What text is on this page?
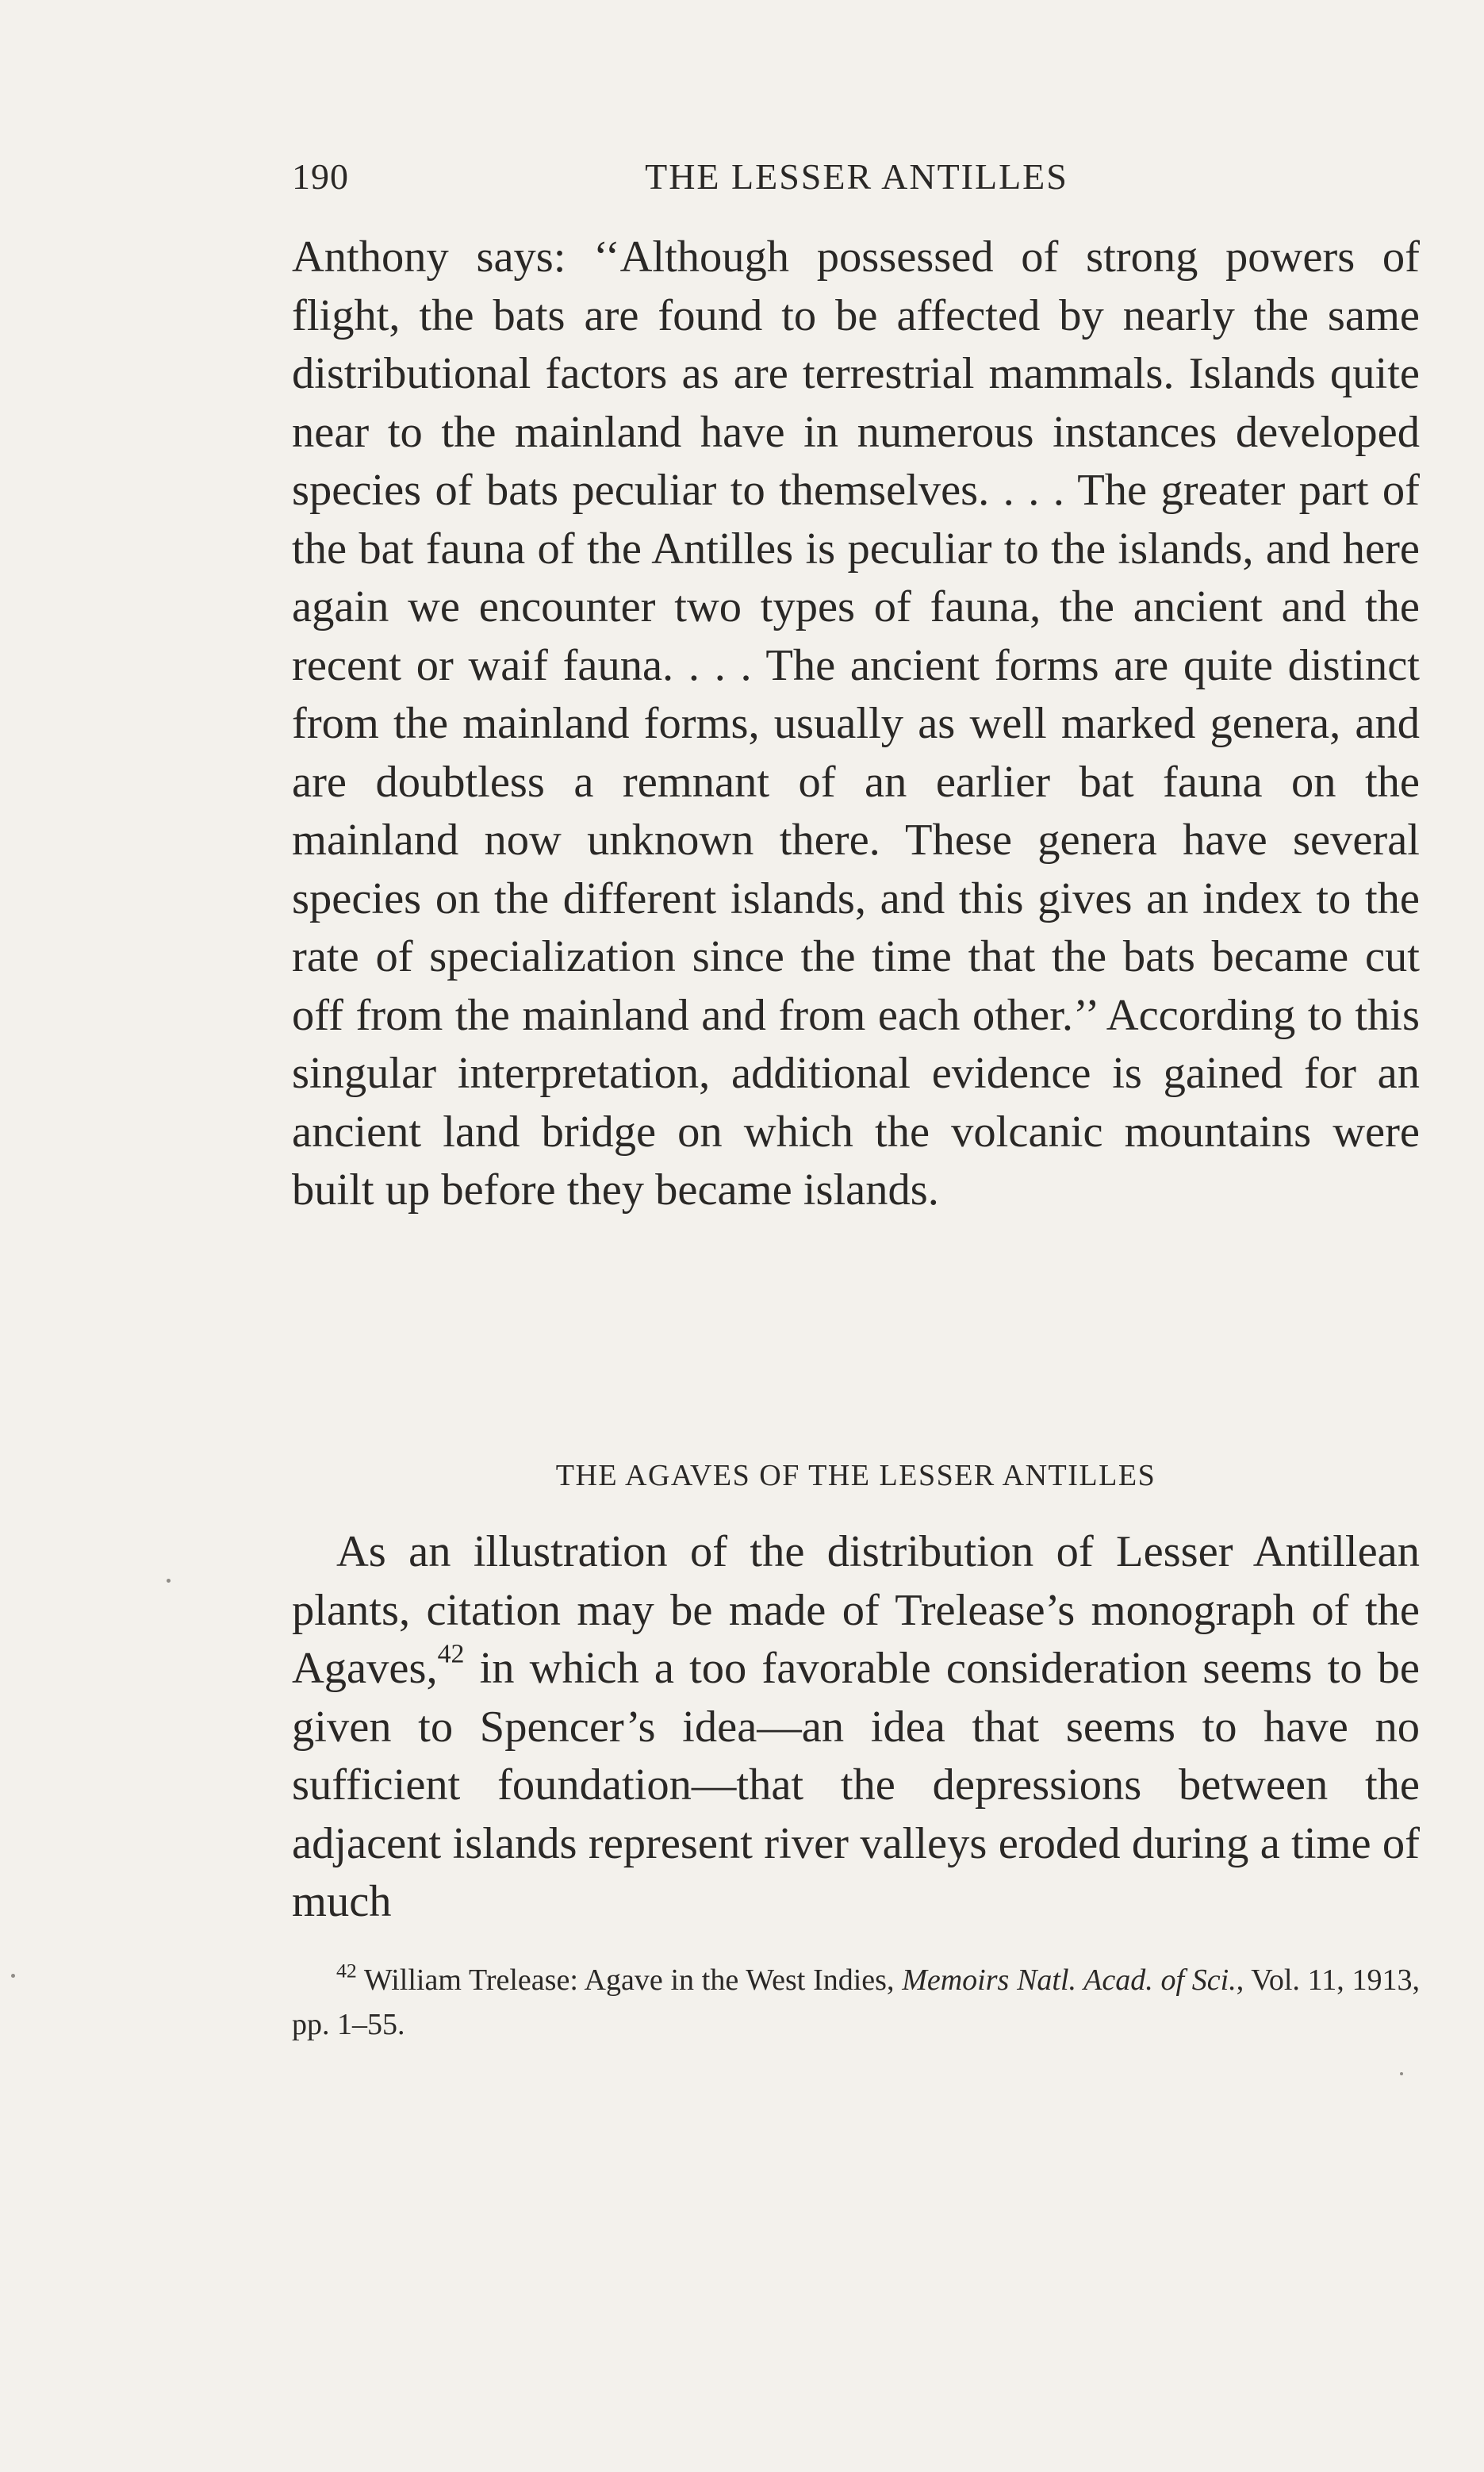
190	THE LESSER ANTILLES
Anthony says: ‘‘Although possessed of strong powers of flight, the bats are found to be affected by nearly the same distributional factors as are terrestrial mammals. Islands quite near to the mainland have in numerous instances developed species of bats peculiar to themselves. . . . The greater part of the bat fauna of the Antilles is peculiar to the islands, and here again we encounter two types of fauna, the ancient and the recent or waif fauna. . . . The ancient forms are quite distinct from the mainland forms, usually as well marked genera, and are doubtless a remnant of an earlier bat fauna on the mainland now unknown there. These genera have several species on the different islands, and this gives an index to the rate of specialization since the time that the bats became cut off from the mainland and from each other.’’ According to this singular interpretation, additional evidence is gained for an ancient land bridge on which the volcanic mountains were built up before they became islands.
THE AGAVES OF THE LESSER ANTILLES
As an illustration of the distribution of Lesser Antillean plants, citation may be made of Trelease’s monograph of the Agaves,$^{42}$ in which a too favorable consideration seems to be given to Spencer’s idea—an idea that seems to have no sufficient foundation—that the depressions between the adjacent islands represent river valleys eroded during a time of much
$^{42}$ William Trelease: Agave in the West Indies, Memoirs Natl. Acad. of Sci., Vol. 11, 1913, pp. 1–55.
